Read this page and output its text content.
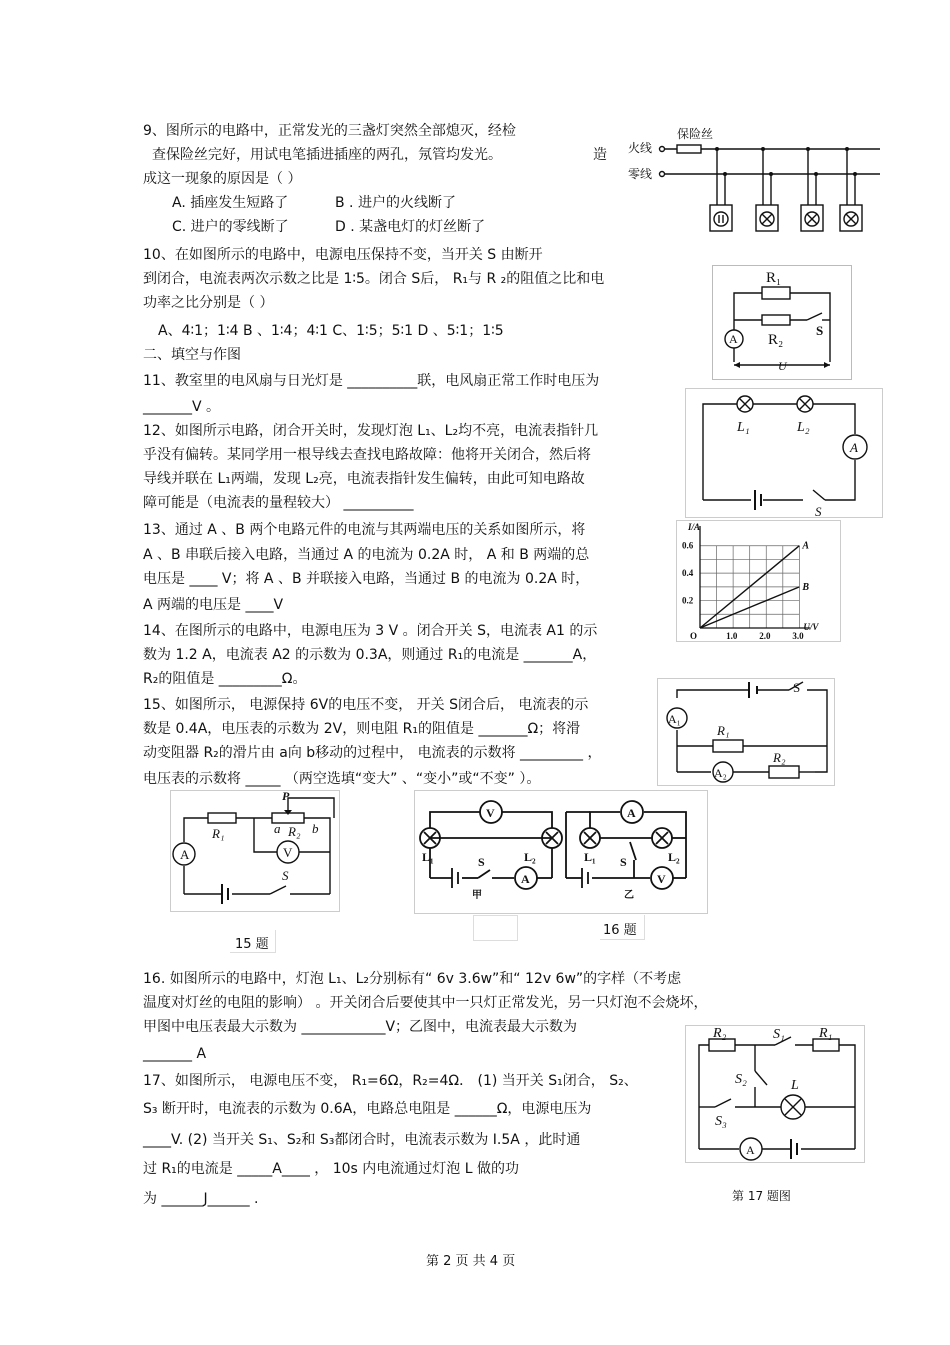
9、图所示的电路中，正常发光的三盏灯突然全部熄灭，经检
查保险丝完好，用试电笔插进插座的两孔，氖管均发光。	造
成这一现象的原因是（ ）
A. 插座发生短路了	B . 进户的火线断了
C. 进户的零线断了	D . 某盏电灯的灯丝断了
火线
零线
保险丝
10、在如图所示的电路中，电源电压保持不变，当开关 S 由断开
到闭合，电流表两次示数之比是 1∶5。闭合 S后， R₁与 R ₂的阻值之比和电
功率之比分别是（ ）
A、4∶1；1∶4 B 、1∶4；4∶1 C、1∶5；5∶1 D 、5∶1；1∶5
R₁
R₂
A
S
U
二、填空与作图
11、教室里的电风扇与日光灯是 __________联，电风扇正常工作时电压为
_______V 。
12、如图所示电路，闭合开关时，发现灯泡 L₁、L₂均不亮，电流表指针几
乎没有偏转。某同学用一根导线去查找电路故障：他将开关闭合，然后将
导线并联在 L₁两端，发现 L₂亮，电流表指针发生偏转，由此可知电路故
障可能是（电流表的量程较大） __________
L₁	L₂
A
S
13、通过 A 、B 两个电路元件的电流与其两端电压的关系如图所示，将
A 、B 串联后接入电路，当通过 A 的电流为 0.2A 时， A 和 B 两端的总
电压是 ____ V；将 A 、B 并联接入电路，当通过 B 的电流为 0.2A 时，
A 两端的电压是 ____V
O	1.0 2.0 3.0
0.2
0.4
0.6
U/V
I/A
A
B
14、在图所示的电路中，电源电压为 3 V 。闭合开关 S，电流表 A1 的示
数为 1.2 A，电流表 A2 的示数为 0.3A，则通过 R₁的电流是 _______A，
R₂的阻值是 _________Ω。
A₁
A₂
R₁
R₂
S
15、如图所示， 电源保持 6V的电压不变， 开关 S闭合后， 电流表的示
数是 0.4A，电压表的示数为 2V，则电阻 R₁的阻值是 _______Ω；将滑
动变阻器 R₂的滑片由 a向 b移动的过程中， 电流表的示数将 _________ ，
电压表的示数将 _____ （两空选填“变大” 、“变小”或“不变” ）。
R₁	R₂
a b
P
A	V
S
15 题
V	A
L₁	L₂	L₁	L₂
S	S
A	V
甲	乙
16 题
16. 如图所示的电路中，灯泡 L₁、L₂分别标有“ 6v 3.6w”和“ 12v 6w”的字样（不考虑
温度对灯丝的电阻的影响） 。开关闭合后要使其中一只灯正常发光，另一只灯泡不会烧坏，
甲图中电压表最大示数为 ____________V；乙图中，电流表最大示数为
_______ A
17、如图所示， 电源电压不变， R₁=6Ω，R₂=4Ω． (1) 当开关 S₁闭合， S₂、
S₃ 断开时，电流表的示数为 0.6A，电路总电阻是 ______Ω，电源电压为
____V. (2) 当开关 S₁、S₂和 S₃都闭合时，电流表示数为 I.5A ，此时通
过 R₁的电流是 _____A____ ， 10s 内电流通过灯泡 L 做的功
为 ______J______ .
R₂	R₁
S₁
S₂
S₃
L
A
第 17 题图
第 2 页 共 4 页
